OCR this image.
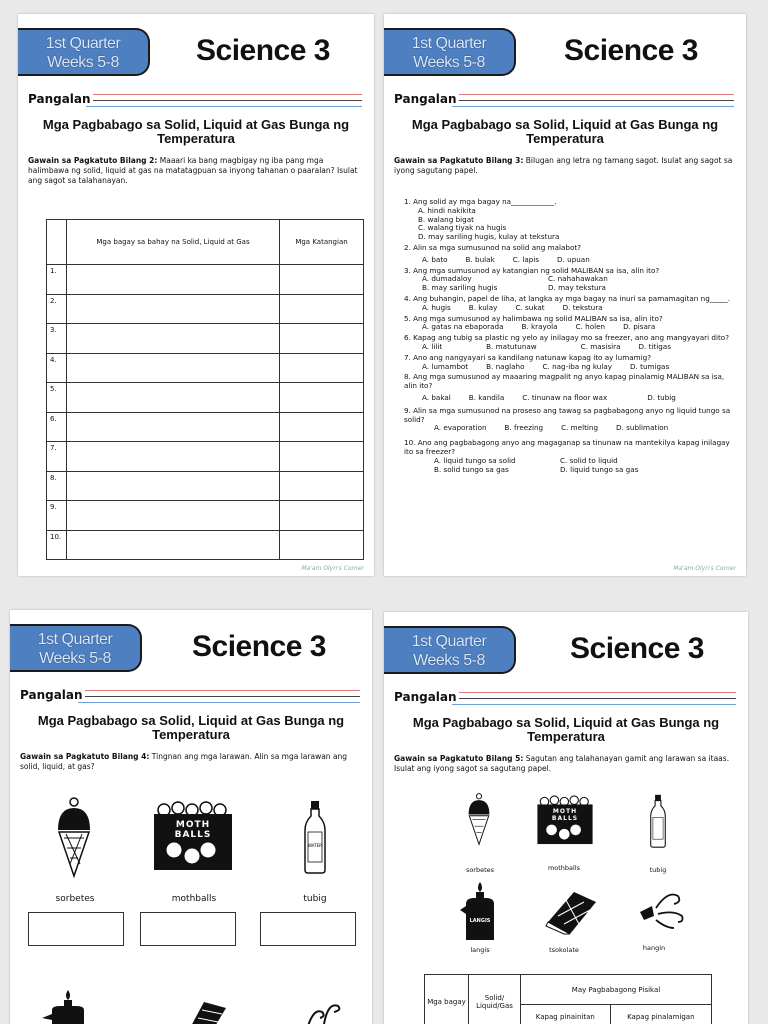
1st Quarter
Weeks 5-8	Science 3
Pangalan
Mga Pagbabago sa Solid, Liquid at Gas Bunga ng
Temperatura
Gawain sa Pagkatuto Bilang 2: Maaari ka bang magbigay ng iba pang mga halimbawa ng solid, liquid at gas na matatagpuan sa inyong tahanan o paaralan? Isulat ang sagot sa talahanayan.
	Mga bagay sa bahay na Solid, Liquid at Gas	Mga Katangian
1.		
2.		
3.		
4.		
5.		
6.		
7.		
8.		
9.		
10.		
Ma'am Olyn's Corner
1st Quarter
Weeks 5-8	Science 3
Pangalan
Mga Pagbabago sa Solid, Liquid at Gas Bunga ng
Temperatura
Gawain sa Pagkatuto Bilang 3: Bilugan ang letra ng tamang sagot. Isulat ang sagot sa iyong sagutang papel.
1. Ang solid ay mga bagay na____________.
A. hindi nakikita
B. walang bigat
C. walang tiyak na hugis
D. may sariling hugis, kulay at tekstura
2. Alin sa mga sumusunod na solid ang malabot?
A. bato	B. bulak	C. lapis	D. upuan
3. Ang mga sumusunod ay katangian ng solid MALIBAN sa isa, alin ito?
A. dumadaloy	C. nahahawakan
B. may sariling hugis	D. may tekstura
4. Ang buhangin, papel de liha, at langka ay mga bagay na inuri sa pamamagitan ng_____.
A. hugis	B. kulay	C. sukat	D. tekstura
5. Ang mga sumusunod ay halimbawa ng solid MALIBAN sa isa, alin ito?
A. gatas na ebaporada	B. krayola	C. holen	D. pisara
6. Kapag ang tubig sa plastic ng yelo ay inilagay mo sa freezer, ano ang mangyayari dito?
A. lilit	B. matutunaw	C. masisira	D. titigas
7. Ano ang nangyayari sa kandilang natunaw kapag ito ay lumamig?
A. lumambot	B. naglaho	C. nag-iba ng kulay	D. tumigas
8. Ang mga sumusunod ay maaaring magpalit ng anyo kapag pinalamig MALIBAN sa isa, alin ito?
A. bakal	B. kandila	C. tinunaw na floor wax	D. tubig
9. Alin sa mga sumusunod na proseso ang tawag sa pagbabagong anyo ng liquid tungo sa solid?
A. evaporation	B. freezing	C. melting	D. sublimation
10. Ano ang pagbabagong anyo ang magaganap sa tinunaw na mantekilya kapag inilagay ito sa freezer?
A. liquid tungo sa solid	C. solid to liquid
B. solid tungo sa gas	D. liquid tungo sa gas
Ma'am Olyn's Corner
1st Quarter
Weeks 5-8	Science 3
Pangalan
Mga Pagbabago sa Solid, Liquid at Gas Bunga ng
Temperatura
Gawain sa Pagkatuto Bilang 4: Tingnan ang mga larawan. Alin sa mga larawan ang solid, liquid, at gas?
MOTH BALLS
WATER
sorbetes	mothballs	tubig
1st Quarter
Weeks 5-8	Science 3
Pangalan
Mga Pagbabago sa Solid, Liquid at Gas Bunga ng
Temperatura
Gawain sa Pagkatuto Bilang 5: Sagutan ang talahanayan gamit ang larawan sa itaas. Isulat ang iyong sagot sa sagutang papel.
MOTH BALLS
sorbetes	mothballs	tubig
LANGIS
langis	tsokolate	hangin
Mga bagay	Solid/ Liquid/Gas	May Pagbabagong Pisikal	
		Kapag pinainitan	Kapag pinalamigan
